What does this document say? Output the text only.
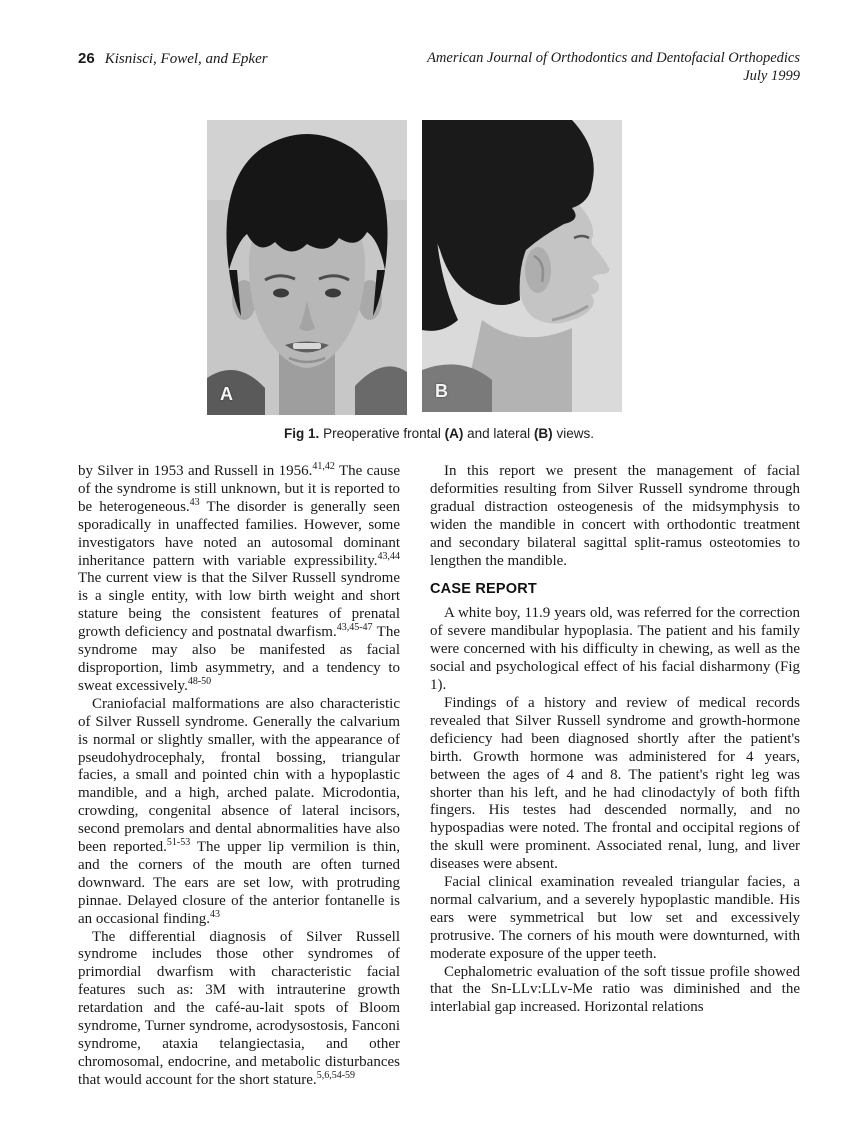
26 Kisnisci, Fowel, and Epker	American Journal of Orthodontics and Dentofacial Orthopedics
July 1999
A	B
Fig 1. Preoperative frontal (A) and lateral (B) views.

by Silver in 1953 and Russell in 1956.$^{41,42}$ The cause of the syndrome is still unknown, but it is reported to be heterogeneous.$^{43}$ The disorder is generally seen sporadically in unaffected families. However, some investigators have noted an autosomal dominant inheritance pattern with variable expressibility.$^{43,44}$ The current view is that the Silver Russell syndrome is a single entity, with low birth weight and short stature being the consistent features of prenatal growth deficiency and postnatal dwarfism.$^{43,45-47}$ The syndrome may also be manifested as facial disproportion, limb asymmetry, and a tendency to sweat excessively.$^{48-50}$

Craniofacial malformations are also characteristic of Silver Russell syndrome. Generally the calvarium is normal or slightly smaller, with the appearance of pseudohydrocephaly, frontal bossing, triangular facies, a small and pointed chin with a hypoplastic mandible, and a high, arched palate. Microdontia, crowding, congenital absence of lateral incisors, second premolars and dental abnormalities have also been reported.$^{51-53}$ The upper lip vermilion is thin, and the corners of the mouth are often turned downward. The ears are set low, with protruding pinnae. Delayed closure of the anterior fontanelle is an occasional finding.$^{43}$

The differential diagnosis of Silver Russell syndrome includes those other syndromes of primordial dwarfism with characteristic facial features such as: 3M with intrauterine growth retardation and the café-au-lait spots of Bloom syndrome, Turner syndrome, acrodysostosis, Fanconi syndrome, ataxia telangiectasia, and other chromosomal, endocrine, and metabolic disturbances that would account for the short stature.$^{5,6,54-59}$

In this report we present the management of facial deformities resulting from Silver Russell syndrome through gradual distraction osteogenesis of the midsymphysis to widen the mandible in concert with orthodontic treatment and secondary bilateral sagittal split-ramus osteotomies to lengthen the mandible.

CASE REPORT

A white boy, 11.9 years old, was referred for the correction of severe mandibular hypoplasia. The patient and his family were concerned with his difficulty in chewing, as well as the social and psychological effect of his facial disharmony (Fig 1).

Findings of a history and review of medical records revealed that Silver Russell syndrome and growth-hormone deficiency had been diagnosed shortly after the patient's birth. Growth hormone was administered for 4 years, between the ages of 4 and 8. The patient's right leg was shorter than his left, and he had clinodactyly of both fifth fingers. His testes had descended normally, and no hypospadias were noted. The frontal and occipital regions of the skull were prominent. Associated renal, lung, and liver diseases were absent.

Facial clinical examination revealed triangular facies, a normal calvarium, and a severely hypoplastic mandible. His ears were symmetrical but low set and excessively protrusive. The corners of his mouth were downturned, with moderate exposure of the upper teeth.

Cephalometric evaluation of the soft tissue profile showed that the Sn-LLv:LLv-Me ratio was diminished and the interlabial gap increased. Horizontal relations
